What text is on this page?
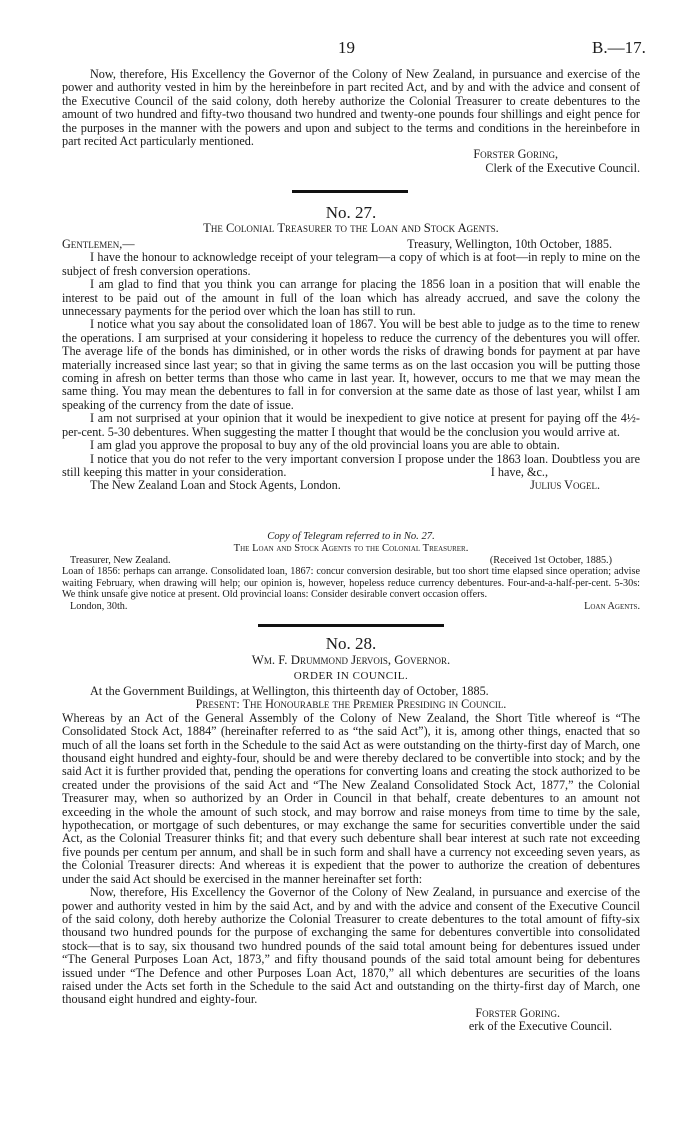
19	B.—17.

Now, therefore, His Excellency the Governor of the Colony of New Zealand, in pursuance and exercise of the power and authority vested in him by the hereinbefore in part recited Act, and by and with the advice and consent of the Executive Council of the said colony, doth hereby authorize the Colonial Treasurer to create debentures to the amount of two hundred and fifty-two thousand two hundred and twenty-one pounds four shillings and eight pence for the purposes in the manner with the powers and upon and subject to the terms and conditions in the hereinbefore in part recited Act particularly mentioned.

Forster Goring,
Clerk of the Executive Council.
No. 27.
The Colonial Treasurer to the Loan and Stock Agents.
Gentlemen,—	Treasury, Wellington, 10th October, 1885.

I have the honour to acknowledge receipt of your telegram—a copy of which is at foot—in reply to mine on the subject of fresh conversion operations.

I am glad to find that you think you can arrange for placing the 1856 loan in a position that will enable the interest to be paid out of the amount in full of the loan which has already accrued, and save the colony the unnecessary payments for the period over which the loan has still to run.

I notice what you say about the consolidated loan of 1867. You will be best able to judge as to the time to renew the operations. I am surprised at your considering it hopeless to reduce the currency of the debentures you will offer. The average life of the bonds has diminished, or in other words the risks of drawing bonds for payment at par have materially increased since last year; so that in giving the same terms as on the last occasion you will be putting those coming in afresh on better terms than those who came in last year. It, however, occurs to me that we may mean the same thing. You may mean the debentures to fall in for conversion at the same date as those of last year, whilst I am speaking of the currency from the date of issue.

I am not surprised at your opinion that it would be inexpedient to give notice at present for paying off the 4½-per-cent. 5-30 debentures. When suggesting the matter I thought that would be the conclusion you would arrive at.

I am glad you approve the proposal to buy any of the old provincial loans you are able to obtain.

I notice that you do not refer to the very important conversion I propose under the 1863 loan. Doubtless you are still keeping this matter in your consideration.	I have, &c.,
The New Zealand Loan and Stock Agents, London.	Julius Vogel.
Copy of Telegram referred to in No. 27.
The Loan and Stock Agents to the Colonial Treasurer.
Treasurer, New Zealand.	(Received 1st October, 1885.)

Loan of 1856: perhaps can arrange. Consolidated loan, 1867: concur conversion desirable, but too short time elapsed since operation; advise waiting February, when drawing will help; our opinion is, however, hopeless reduce currency debentures. Four-and-a-half-per-cent. 5-30s: We think unsafe give notice at present. Old provincial loans: Consider desirable convert occasion offers.

London, 30th.	Loan Agents.
No. 28.
Wm. F. Drummond Jervois, Governor.
ORDER IN COUNCIL.
At the Government Buildings, at Wellington, this thirteenth day of October, 1885.
Present: The Honourable the Premier Presiding in Council.

Whereas by an Act of the General Assembly of the Colony of New Zealand, the Short Title whereof is “The Consolidated Stock Act, 1884” (hereinafter referred to as “the said Act”), it is, among other things, enacted that so much of all the loans set forth in the Schedule to the said Act as were outstanding on the thirty-first day of March, one thousand eight hundred and eighty-four, should be and were thereby declared to be convertible into stock; and by the said Act it is further provided that, pending the operations for converting loans and creating the stock authorized to be created under the provisions of the said Act and “The New Zealand Consolidated Stock Act, 1877,” the Colonial Treasurer may, when so authorized by an Order in Council in that behalf, create debentures to an amount not exceeding in the whole the amount of such stock, and may borrow and raise moneys from time to time by the sale, hypothecation, or mortgage of such debentures, or may exchange the same for securities convertible under the said Act, as the Colonial Treasurer thinks fit; and that every such debenture shall bear interest at such rate not exceeding five pounds per centum per annum, and shall be in such form and shall have a currency not exceeding seven years, as the Colonial Treasurer directs: And whereas it is expedient that the power to authorize the creation of debentures under the said Act should be exercised in the manner hereinafter set forth:

Now, therefore, His Excellency the Governor of the Colony of New Zealand, in pursuance and exercise of the power and authority vested in him by the said Act, and by and with the advice and consent of the Executive Council of the said colony, doth hereby authorize the Colonial Treasurer to create debentures to the total amount of fifty-six thousand two hundred pounds for the purpose of exchanging the same for debentures convertible into consolidated stock—that is to say, six thousand two hundred pounds of the said total amount being for debentures issued under “The General Purposes Loan Act, 1873,” and fifty thousand pounds of the said total amount being for debentures issued under “The Defence and other Purposes Loan Act, 1870,” all which debentures are securities of the loans raised under the Acts set forth in the Schedule to the said Act and outstanding on the thirty-first day of March, one thousand eight hundred and eighty-four.

Forster Goring.
erk of the Executive Council.
